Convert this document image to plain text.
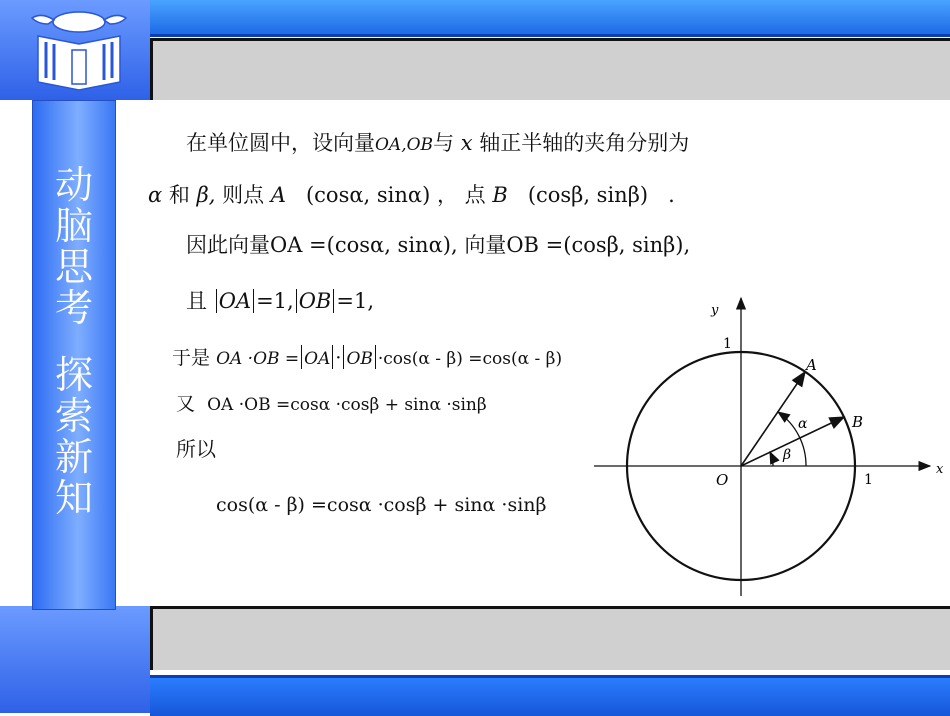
动脑思考
探索新知
在单位圆中，设向量OA,OB与 x 轴正半轴的夹角分别为
α 和 β, 则点 A (cosα, sinα) ， 点 B (cosβ, sinβ) .
因此向量OA =(cosα, sinα), 向量OB =(cosβ, sinβ),
且 OA =1, OB =1,
于是 OA ·OB = OA · OB ·cos(α - β) =cos(α - β)
又 OA ·OB =cosα ·cosβ + sinα ·sinβ
所以
cos(α - β) =cosα ·cosβ + sinα ·sinβ
y
x
O
1
1
A
B
α
β
